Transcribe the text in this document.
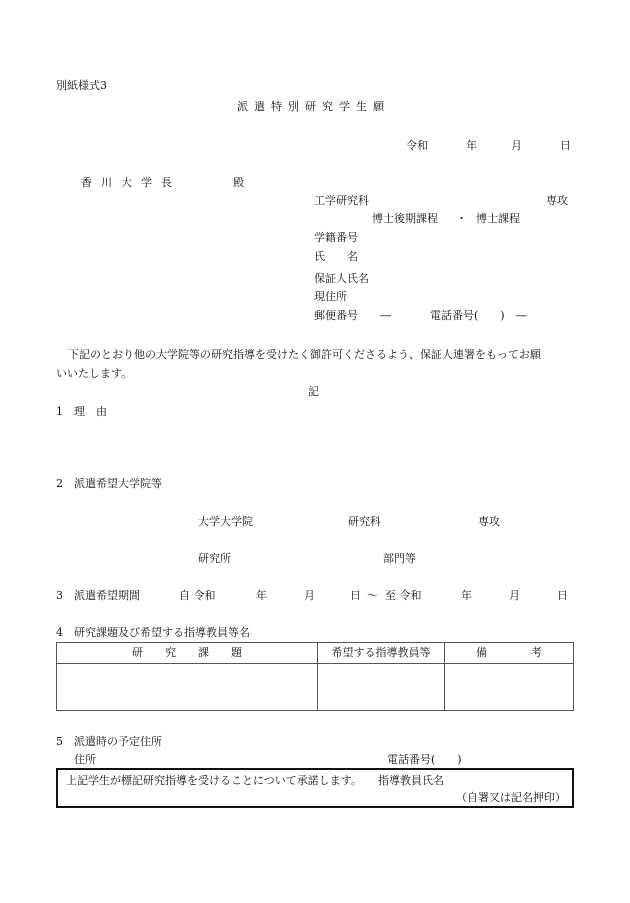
別紙様式3
派遣特別研究学生願
令和	年	月	日
香川大学長	殿
工学研究科	専攻
博士後期課程 ・ 博士課程
学籍番号
氏　　名
保証人氏名
現住所
郵便番号　　―	電話番号(　　)　―
下記のとおり他の大学院等の研究指導を受けたく御許可くださるよう、保証人連署をもってお願
いいたします。
記
1 理　由
2 派遣希望大学院等
大学大学院	研究科	専攻
研究所	部門等
3 派遣希望期間	自 令和	年	月	日 ～ 至 令和	年	月	日
4 研究課題及び希望する指導教員等名
研　　究　　課　　題	希望する指導教員等	備　　　　考
5 派遣時の予定住所
住所	電話番号(　　)
上記学生が標記研究指導を受けることについて承諾します。 指導教員氏名
（自署又は記名押印）
